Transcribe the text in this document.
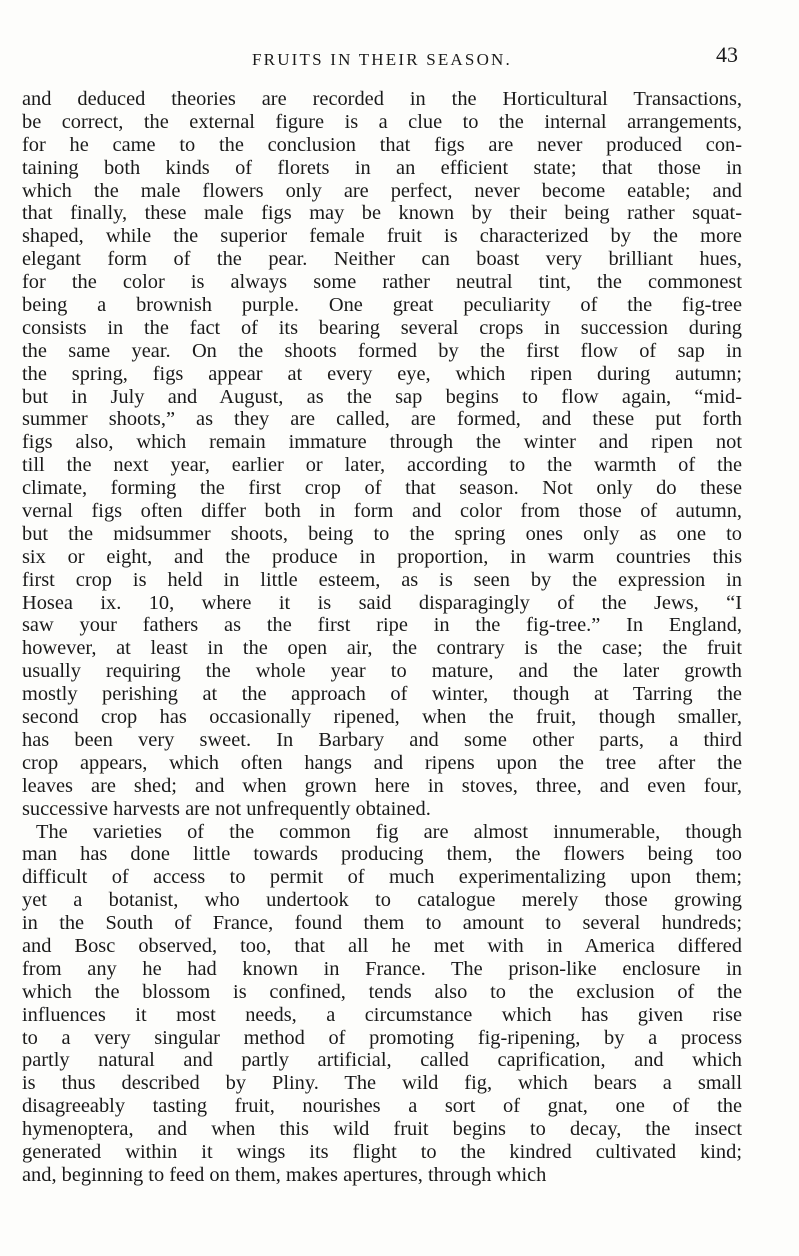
FRUITS IN THEIR SEASON.	43
and deduced theories are recorded in the Horticultural Transactions,
be correct, the external figure is a clue to the internal arrangements,
for he came to the conclusion that figs are never produced con-
taining both kinds of florets in an efficient state; that those in
which the male flowers only are perfect, never become eatable; and
that finally, these male figs may be known by their being rather squat-
shaped, while the superior female fruit is characterized by the more
elegant form of the pear. Neither can boast very brilliant hues,
for the color is always some rather neutral tint, the commonest
being a brownish purple. One great peculiarity of the fig-tree
consists in the fact of its bearing several crops in succession during
the same year. On the shoots formed by the first flow of sap in
the spring, figs appear at every eye, which ripen during autumn;
but in July and August, as the sap begins to flow again, “mid-
summer shoots,” as they are called, are formed, and these put forth
figs also, which remain immature through the winter and ripen not
till the next year, earlier or later, according to the warmth of the
climate, forming the first crop of that season. Not only do these
vernal figs often differ both in form and color from those of autumn,
but the midsummer shoots, being to the spring ones only as one to
six or eight, and the produce in proportion, in warm countries this
first crop is held in little esteem, as is seen by the expression in
Hosea ix. 10, where it is said disparagingly of the Jews, “I
saw your fathers as the first ripe in the fig-tree.” In England,
however, at least in the open air, the contrary is the case; the fruit
usually requiring the whole year to mature, and the later growth
mostly perishing at the approach of winter, though at Tarring the
second crop has occasionally ripened, when the fruit, though smaller,
has been very sweet. In Barbary and some other parts, a third
crop appears, which often hangs and ripens upon the tree after the
leaves are shed; and when grown here in stoves, three, and even four,
successive harvests are not unfrequently obtained.
The varieties of the common fig are almost innumerable, though
man has done little towards producing them, the flowers being too
difficult of access to permit of much experimentalizing upon them;
yet a botanist, who undertook to catalogue merely those growing
in the South of France, found them to amount to several hundreds;
and Bosc observed, too, that all he met with in America differed
from any he had known in France. The prison-like enclosure in
which the blossom is confined, tends also to the exclusion of the
influences it most needs, a circumstance which has given rise
to a very singular method of promoting fig-ripening, by a process
partly natural and partly artificial, called caprification, and which
is thus described by Pliny. The wild fig, which bears a small
disagreeably tasting fruit, nourishes a sort of gnat, one of the
hymenoptera, and when this wild fruit begins to decay, the insect
generated within it wings its flight to the kindred cultivated kind;
and, beginning to feed on them, makes apertures, through which
